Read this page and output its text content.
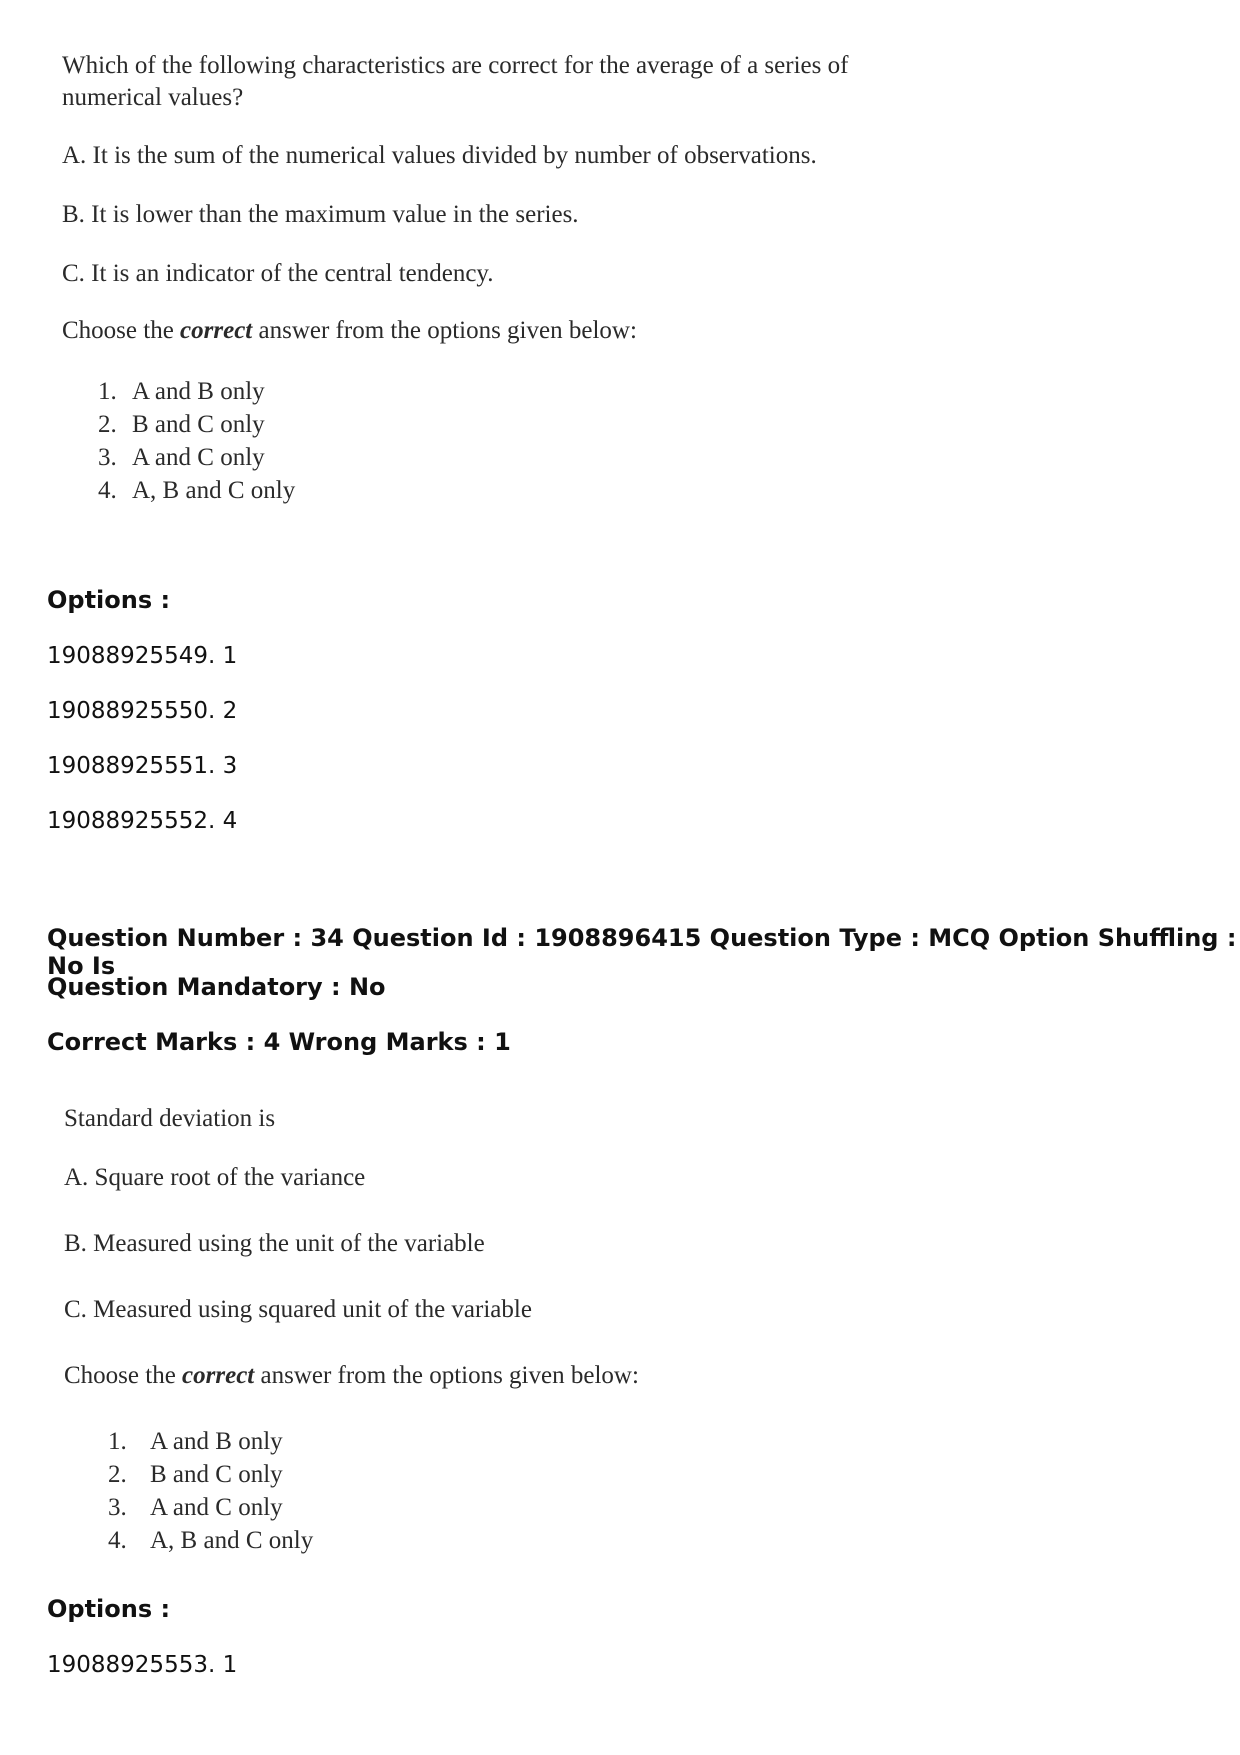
Which of the following characteristics are correct for the average of a series of numerical values?

A. It is the sum of the numerical values divided by number of observations.
B. It is lower than the maximum value in the series.
C. It is an indicator of the central tendency.
Choose the correct answer from the options given below:
1. A and B only
2. B and C only
3. A and C only
4. A, B and C only
Options :
19088925549. 1
19088925550. 2
19088925551. 3
19088925552. 4
Question Number : 34 Question Id : 1908896415 Question Type : MCQ Option Shuffling : No Is
Question Mandatory : No
Correct Marks : 4 Wrong Marks : 1
Standard deviation is
A. Square root of the variance
B. Measured using the unit of the variable
C. Measured using squared unit of the variable
Choose the correct answer from the options given below:
1. A and B only
2. B and C only
3. A and C only
4. A, B and C only
Options :
19088925553. 1
